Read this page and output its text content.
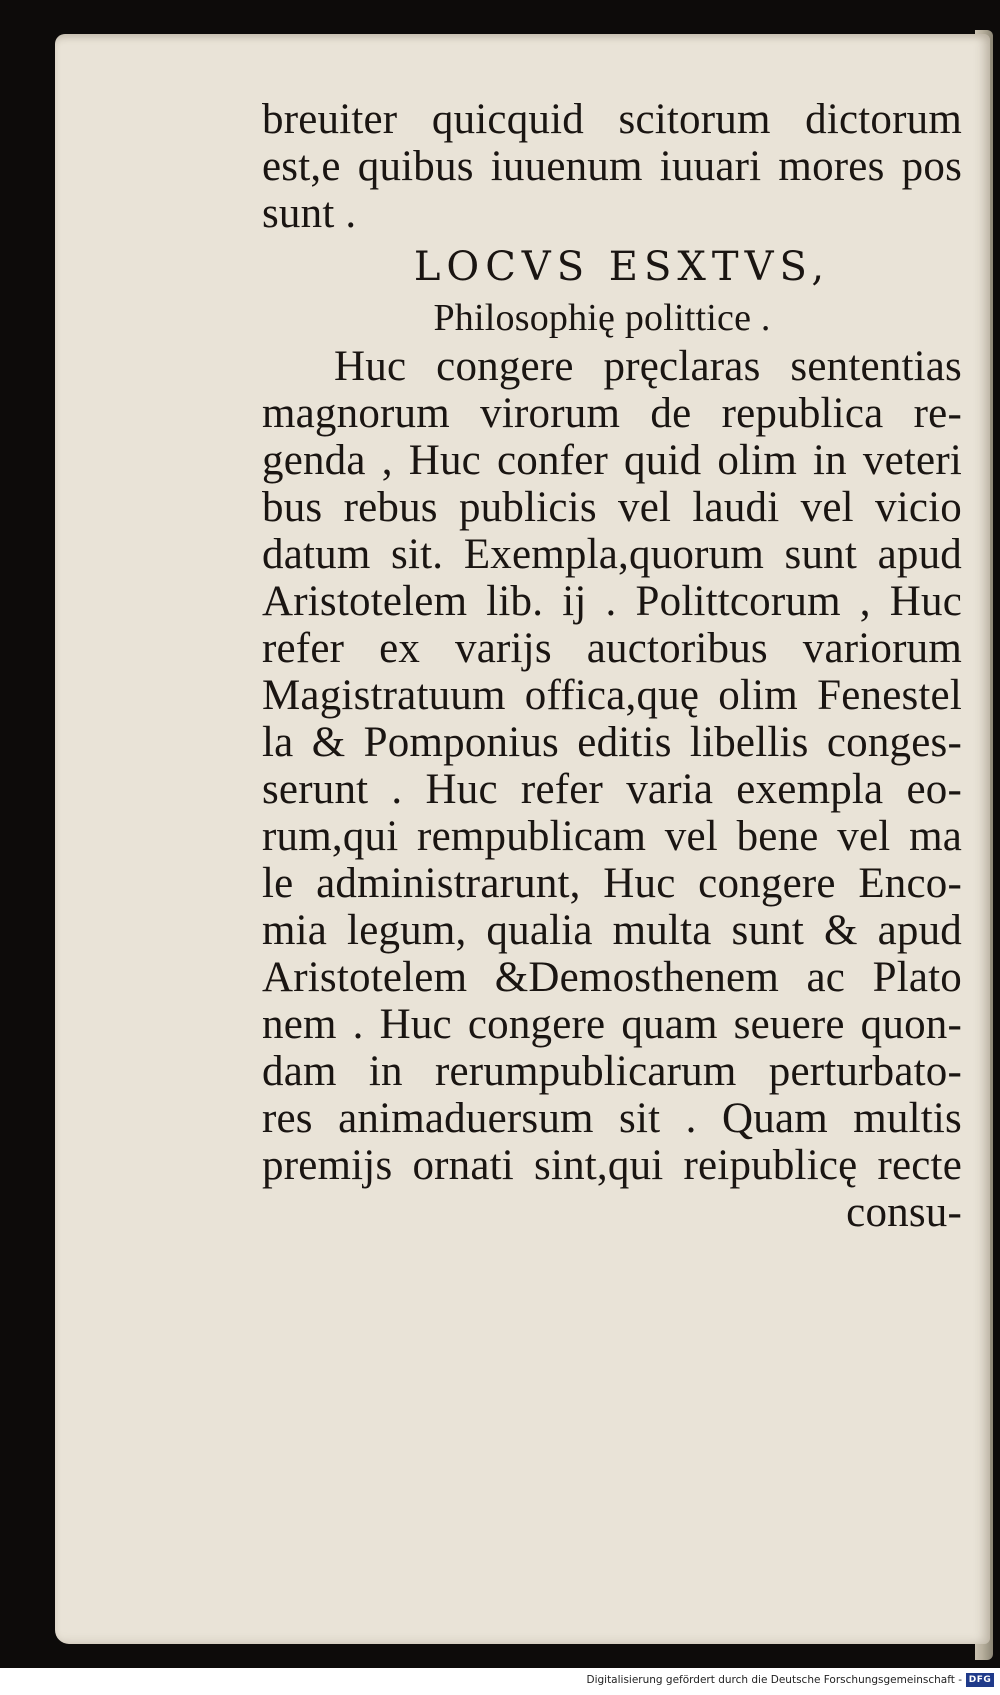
breuiter quicquid scitorum dictorum
est,e quibus iuuenum iuuari mores pos
sunt .
LOCVS ESXTVS,
Philosophię polittice .
Huc congere pręclaras sententias
magnorum virorum de republica re-
genda , Huc confer quid olim in veteri
bus rebus publicis vel laudi vel vicio
datum sit. Exempla,quorum sunt apud
Aristotelem lib. ij . Polittcorum , Huc
refer ex varijs auctoribus variorum
Magistratuum offica,quę olim Fenestel
la & Pomponius editis libellis conges-
serunt . Huc refer varia exempla eo-
rum,qui rempublicam vel bene vel ma
le administrarunt, Huc congere Enco-
mia legum, qualia multa sunt & apud
Aristotelem &Demosthenem ac Plato
nem . Huc congere quam seuere quon-
dam in rerumpublicarum perturbato-
res animaduersum sit . Quam multis
premijs ornati sint,qui reipublicę recte
consu-
Digitalisierung gefördert durch die Deutsche Forschungsgemeinschaft - DFG
